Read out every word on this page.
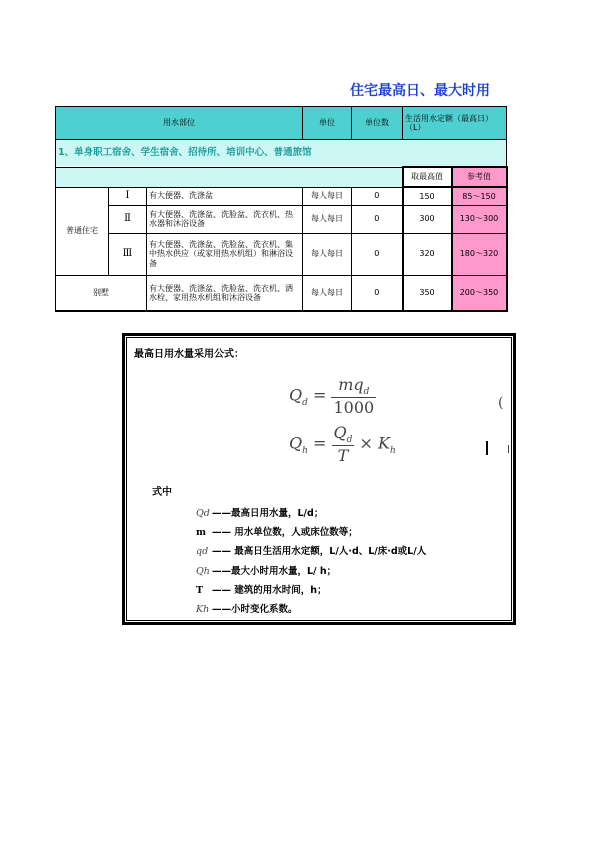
住宅最高日、最大时用
用水部位			单位	单位数	生活用水定额（最高日）（L）	
1、单身职工宿舍、学生宿舍、招待所、培训中心、普通旅馆						
					取最高值	参考值
普通住宅	Ⅰ	有大便器、洗涤盆	每人每日	0	150	85～150
	Ⅱ	有大便器、洗涤盆、洗脸盆、洗衣机、热水器和沐浴设备	每人每日	0	300	130～300
	Ⅲ	有大便器、洗涤盆、洗脸盆、洗衣机、集中热水供应（或家用热水机组）和淋浴设备	每人每日	0	320	180～320
别墅		有大便器、洗涤盆、洗脸盆、洗衣机、洒水栓、家用热水机组和沐浴设备	每人每日	0	350	200～350
最高日用水量采用公式：
$Q_d = \frac{mq_d}{1000}$	(
$Q_h = \frac{Q_d}{T} \times K_h$
式中
Qd ——最高日用水量，L/d；
m —— 用水单位数，人或床位数等；
qd —— 最高日生活用水定额，L/人·d、L/床·d或L/人
Qh ——最大小时用水量，L/ h；
T —— 建筑的用水时间，h；
Kh ——小时变化系数。
